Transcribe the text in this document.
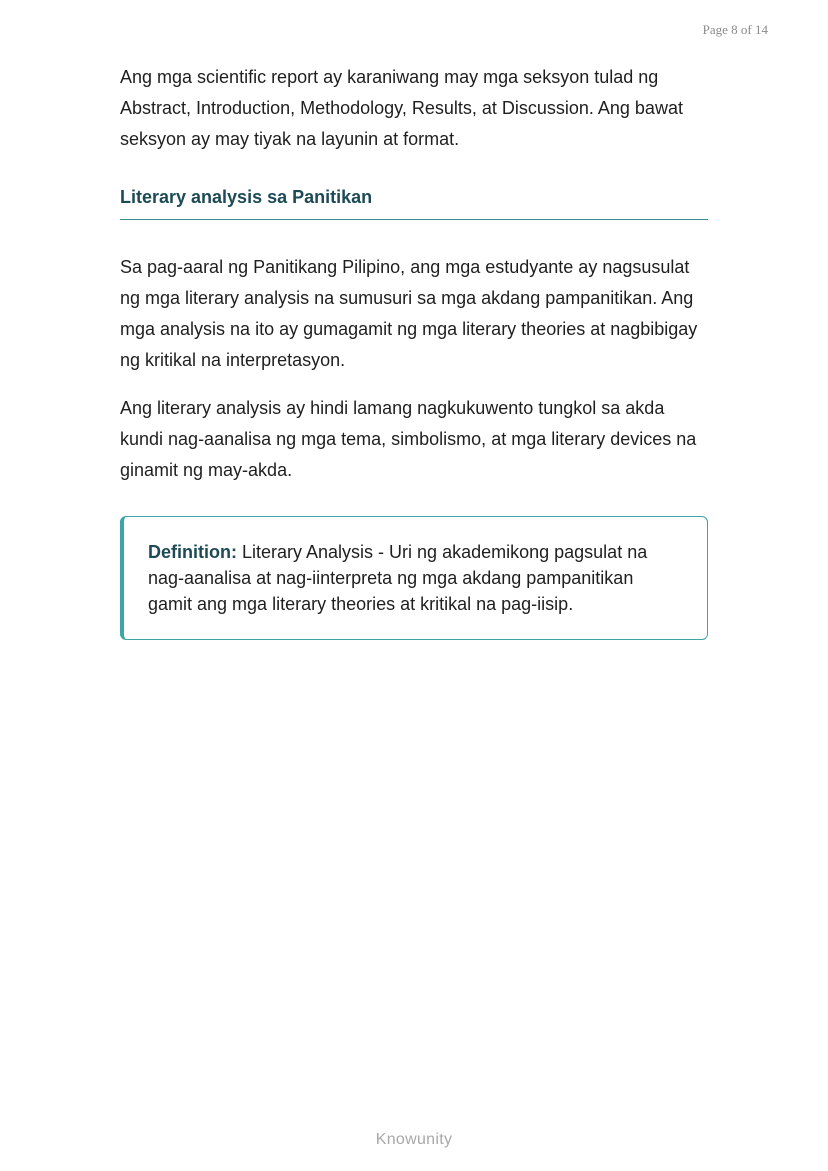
Page 8 of 14

Ang mga scientific report ay karaniwang may mga seksyon tulad ng Abstract, Introduction, Methodology, Results, at Discussion. Ang bawat seksyon ay may tiyak na layunin at format.

Literary analysis sa Panitikan

Sa pag-aaral ng Panitikang Pilipino, ang mga estudyante ay nagsusulat ng mga literary analysis na sumusuri sa mga akdang pampanitikan. Ang mga analysis na ito ay gumagamit ng mga literary theories at nagbibigay ng kritikal na interpretasyon.

Ang literary analysis ay hindi lamang nagkukuwento tungkol sa akda kundi nag-aanalisa ng mga tema, simbolismo, at mga literary devices na ginamit ng may-akda.

Definition: Literary Analysis - Uri ng akademikong pagsulat na nag-aanalisa at nag-iinterpreta ng mga akdang pampanitikan gamit ang mga literary theories at kritikal na pag-iisip.

Knowunity
